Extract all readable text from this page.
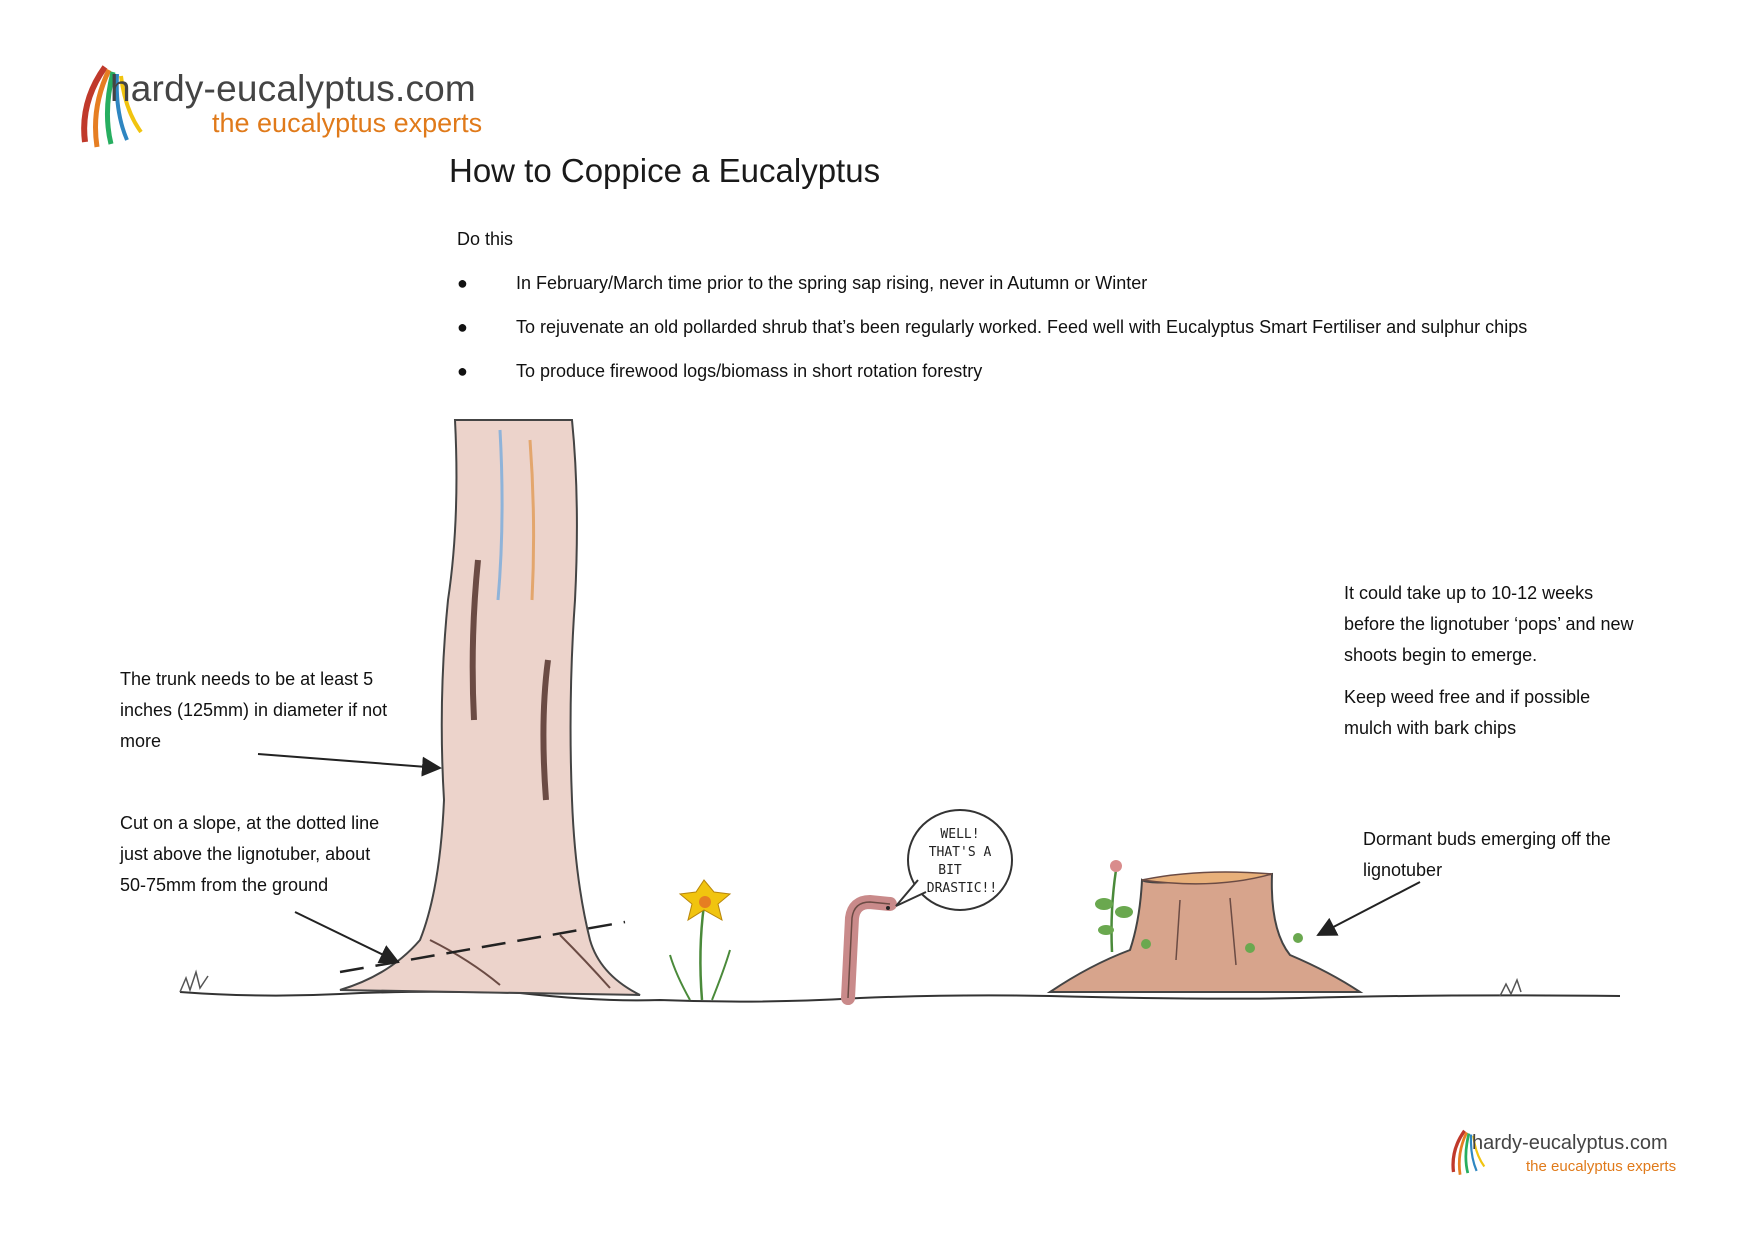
WELL!
THAT'S A
BIT
DRASTIC!!
hardy-eucalyptus.com
the eucalyptus experts
How to Coppice a Eucalyptus
Do this
●	In February/March time prior to the spring sap rising, never in Autumn or Winter
●	To rejuvenate an old pollarded shrub that’s been regularly worked. Feed well with Eucalyptus Smart Fertiliser and sulphur chips
●	To produce firewood logs/biomass in short rotation forestry

The trunk needs to be at least 5 inches (125mm) in diameter if not more

Cut on a slope, at the dotted line just above the lignotuber, about 50-75mm from the ground

It could take up to 10-12 weeks before the lignotuber ‘pops’ and new shoots begin to emerge.

Keep weed free and if possible mulch with bark chips

Dormant buds emerging off the lignotuber

hardy-eucalyptus.com
the eucalyptus experts
